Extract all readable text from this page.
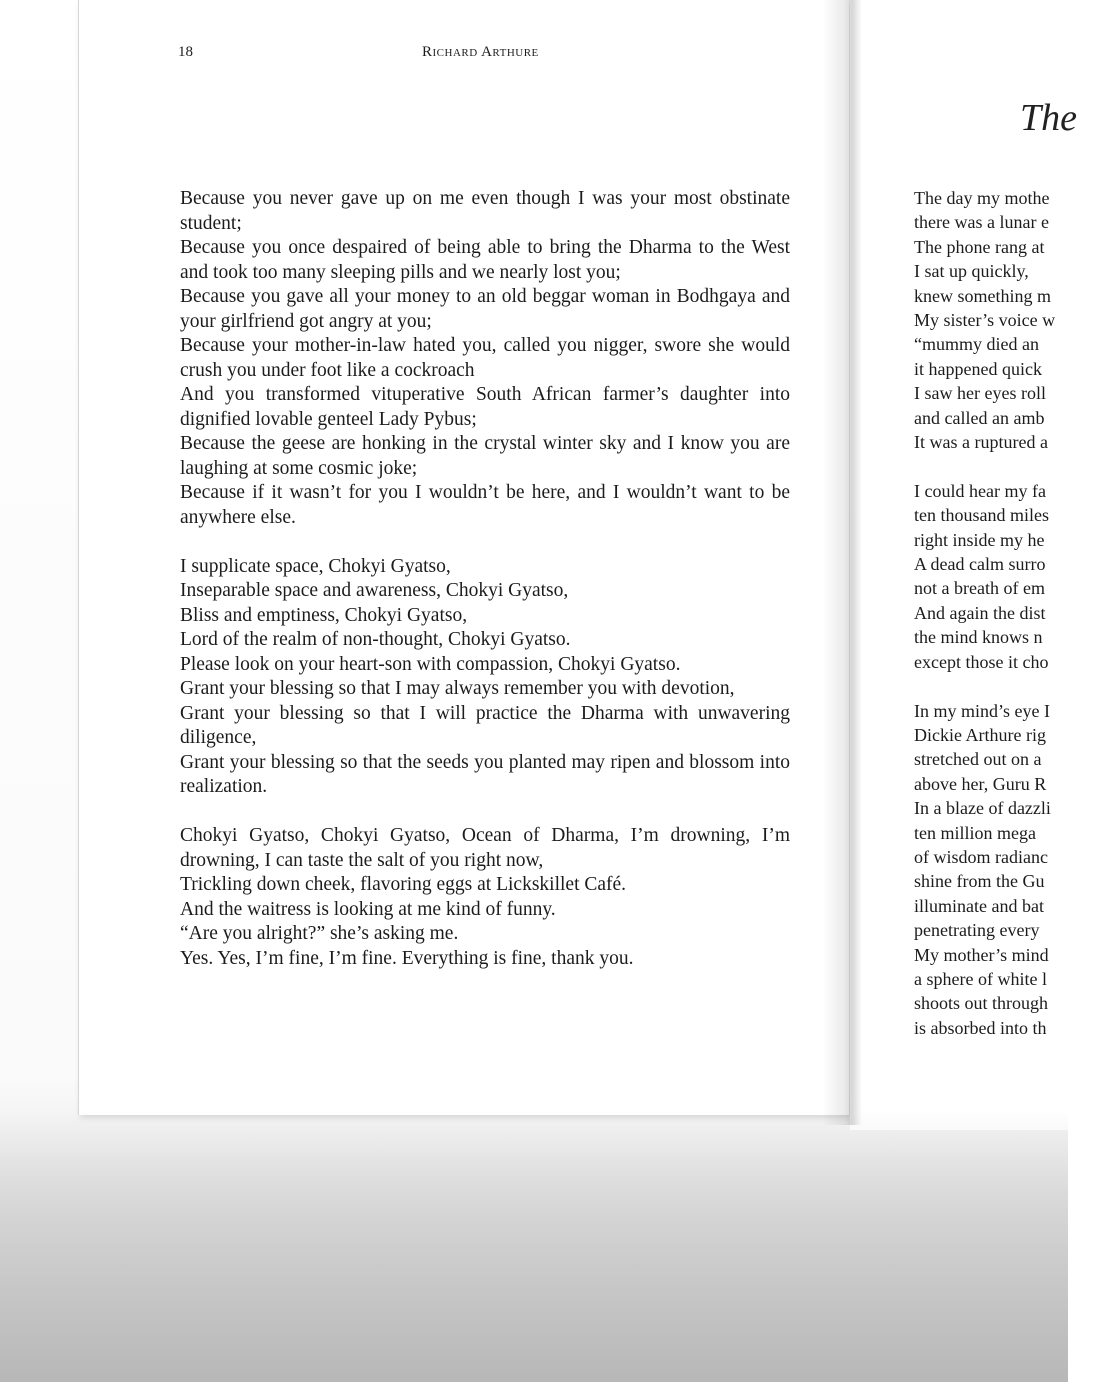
18	Richard Arthure

Because you never gave up on me even though I was your most obstinate student;

Because you once despaired of being able to bring the Dharma to the West and took too many sleeping pills and we nearly lost you;

Because you gave all your money to an old beggar woman in Bodhgaya and your girlfriend got angry at you;

Because your mother-in-law hated you, called you nigger, swore she would crush you under foot like a cockroach

And you transformed vituperative South African farmer’s daughter into dignified lovable genteel Lady Pybus;

Because the geese are honking in the crystal winter sky and I know you are laughing at some cosmic joke;

Because if it wasn’t for you I wouldn’t be here, and I wouldn’t want to be anywhere else.

I supplicate space, Chokyi Gyatso,

Inseparable space and awareness, Chokyi Gyatso,

Bliss and emptiness, Chokyi Gyatso,

Lord of the realm of non-thought, Chokyi Gyatso.

Please look on your heart-son with compassion, Chokyi Gyatso.

Grant your blessing so that I may always remember you with devotion,

Grant your blessing so that I will practice the Dharma with unwavering diligence,

Grant your blessing so that the seeds you planted may ripen and blossom into realization.

Chokyi Gyatso, Chokyi Gyatso, Ocean of Dharma, I’m drowning, I’m drowning, I can taste the salt of you right now,

Trickling down cheek, flavoring eggs at Lickskillet Café.

And the waitress is looking at me kind of funny.

“Are you alright?” she’s asking me.

Yes. Yes, I’m fine, I’m fine. Everything is fine, thank you.

The

The day my mothe

there was a lunar e

The phone rang at

I sat up quickly,

knew something m

My sister’s voice w

“mummy died an

it happened quick

I saw her eyes roll

and called an amb

It was a ruptured a

I could hear my fa

ten thousand miles

right inside my he

A dead calm surro

not a breath of em

And again the dist

the mind knows n

except those it cho

In my mind’s eye I

Dickie Arthure rig

stretched out on a

above her, Guru R

In a blaze of dazzli

ten million mega

of wisdom radianc

shine from the Gu

illuminate and bat

penetrating every

My mother’s mind

a sphere of white l

shoots out through

is absorbed into th
